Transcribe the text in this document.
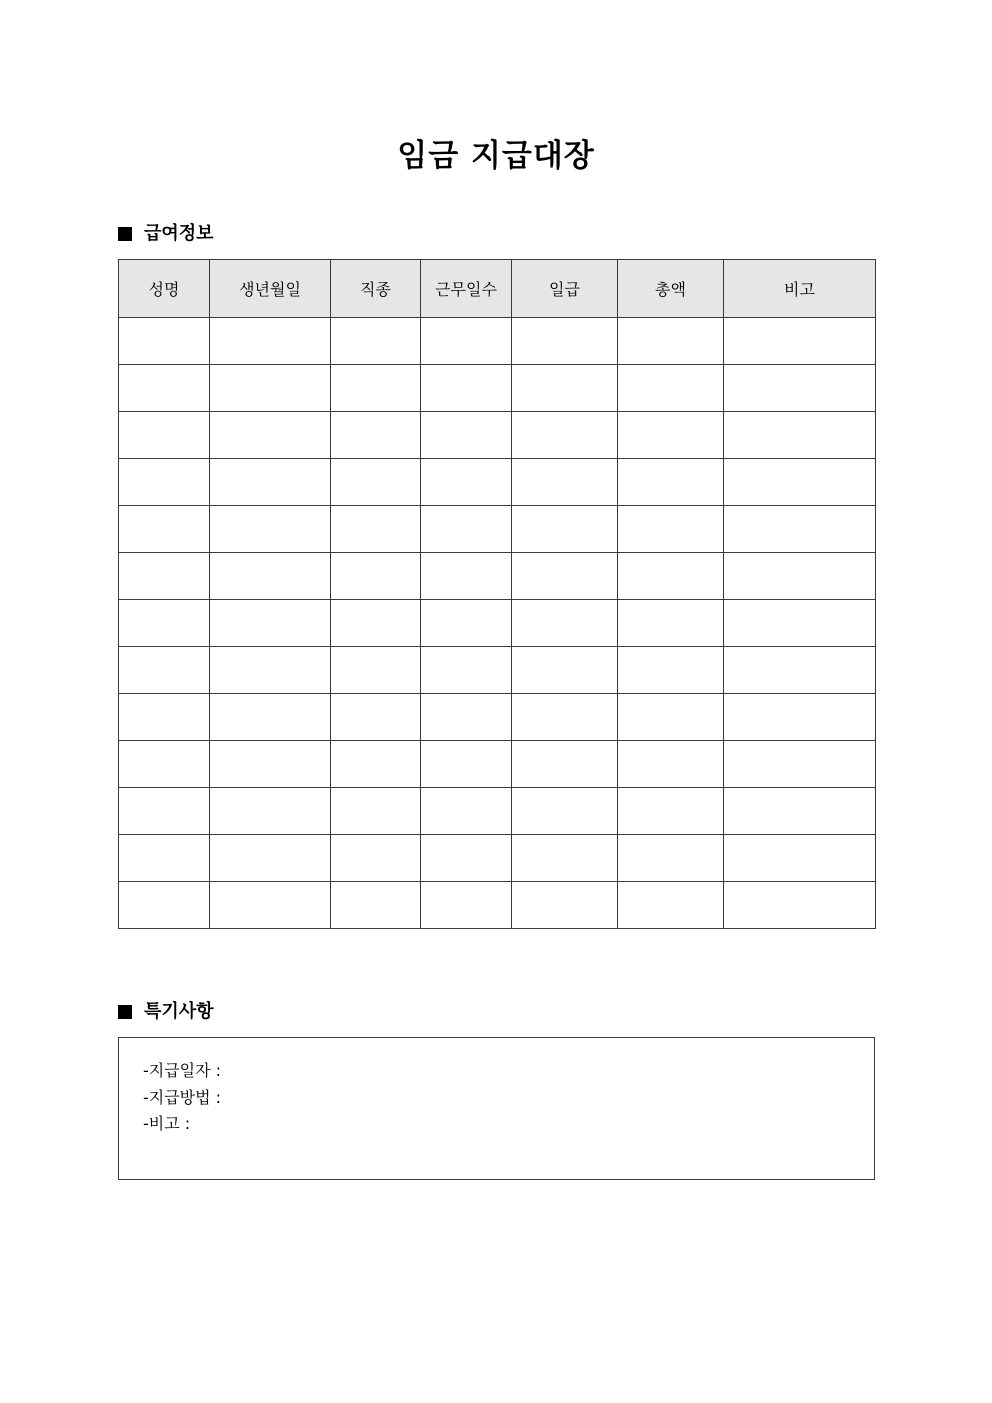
임금 지급대장
급여정보
성명	생년월일	직종	근무일수	일급	총액	비고

특기사항
-지급일자 :
-지급방법 :
-비고 :
